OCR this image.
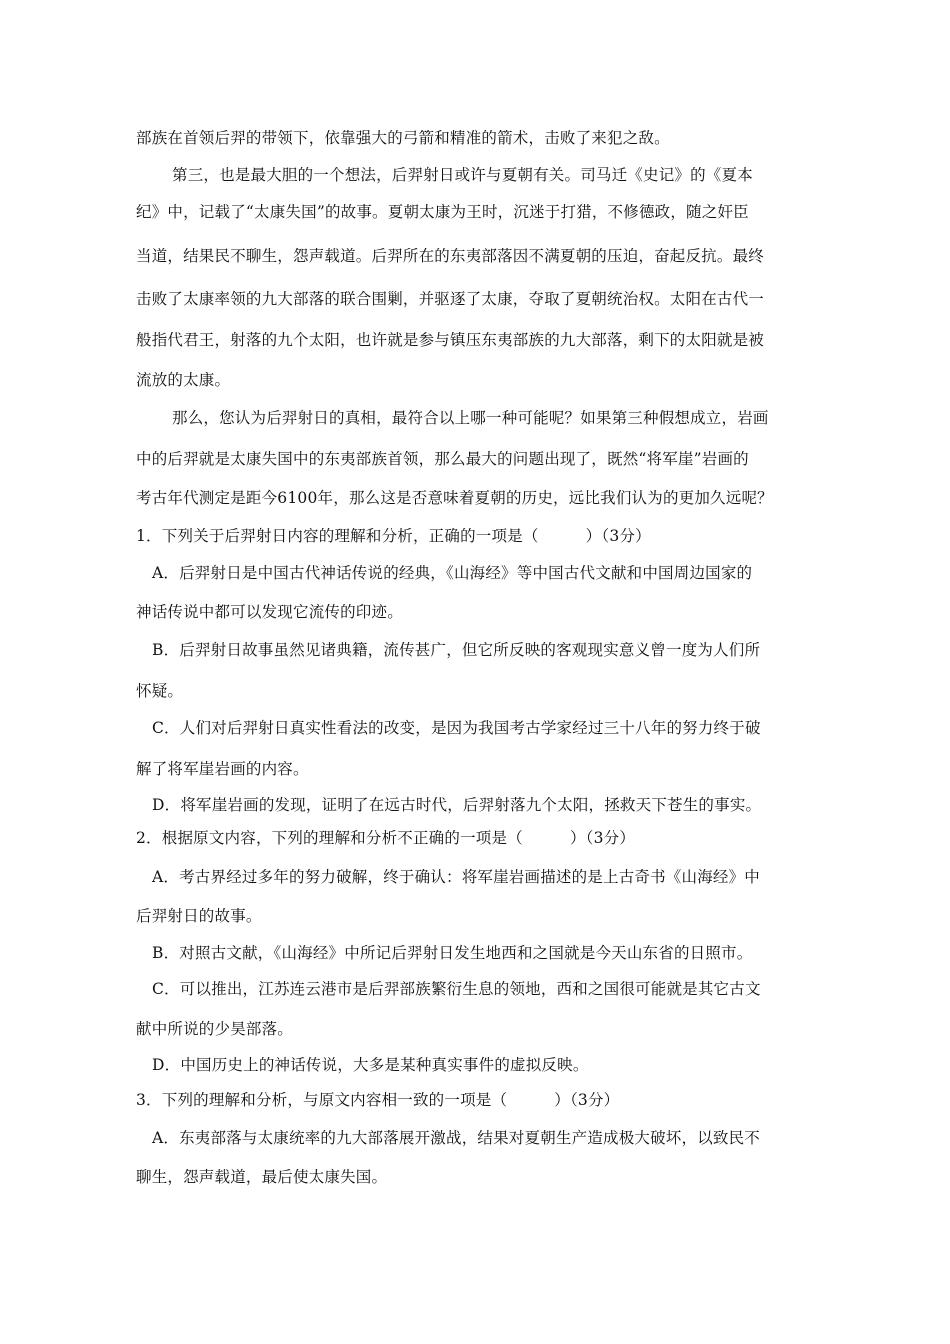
部族在首领后羿的带领下，依靠强大的弓箭和精准的箭术，击败了来犯之敌。
第三，也是最大胆的一个想法，后羿射日或许与夏朝有关。司马迁《史记》的《夏本
纪》中，记载了“太康失国”的故事。夏朝太康为王时，沉迷于打猎，不修德政，随之奸臣
当道，结果民不聊生，怨声载道。后羿所在的东夷部落因不满夏朝的压迫，奋起反抗。最终
击败了太康率领的九大部落的联合围剿，并驱逐了太康，夺取了夏朝统治权。太阳在古代一
般指代君王，射落的九个太阳，也许就是参与镇压东夷部族的九大部落，剩下的太阳就是被
流放的太康。
那么，您认为后羿射日的真相，最符合以上哪一种可能呢？如果第三种假想成立，岩画
中的后羿就是太康失国中的东夷部族首领，那么最大的问题出现了，既然“将军崖”岩画的
考古年代测定是距今6100年，那么这是否意味着夏朝的历史，远比我们认为的更加久远呢？
1．下列关于后羿射日内容的理解和分析，正确的一项是（　　　）（3分）
A．后羿射日是中国古代神话传说的经典，《山海经》等中国古代文献和中国周边国家的
神话传说中都可以发现它流传的印迹。
B．后羿射日故事虽然见诸典籍，流传甚广，但它所反映的客观现实意义曾一度为人们所
怀疑。
C．人们对后羿射日真实性看法的改变，是因为我国考古学家经过三十八年的努力终于破
解了将军崖岩画的内容。
D．将军崖岩画的发现，证明了在远古时代，后羿射落九个太阳，拯救天下苍生的事实。
2．根据原文内容，下列的理解和分析不正确的一项是（　　　）（3分）
A．考古界经过多年的努力破解，终于确认：将军崖岩画描述的是上古奇书《山海经》中
后羿射日的故事。
B．对照古文献，《山海经》中所记后羿射日发生地西和之国就是今天山东省的日照市。
C．可以推出，江苏连云港市是后羿部族繁衍生息的领地，西和之国很可能就是其它古文
献中所说的少昊部落。
D．中国历史上的神话传说，大多是某种真实事件的虚拟反映。
3．下列的理解和分析，与原文内容相一致的一项是（　　　）（3分）
A．东夷部落与太康统率的九大部落展开激战，结果对夏朝生产造成极大破坏，以致民不
聊生，怨声载道，最后使太康失国。
